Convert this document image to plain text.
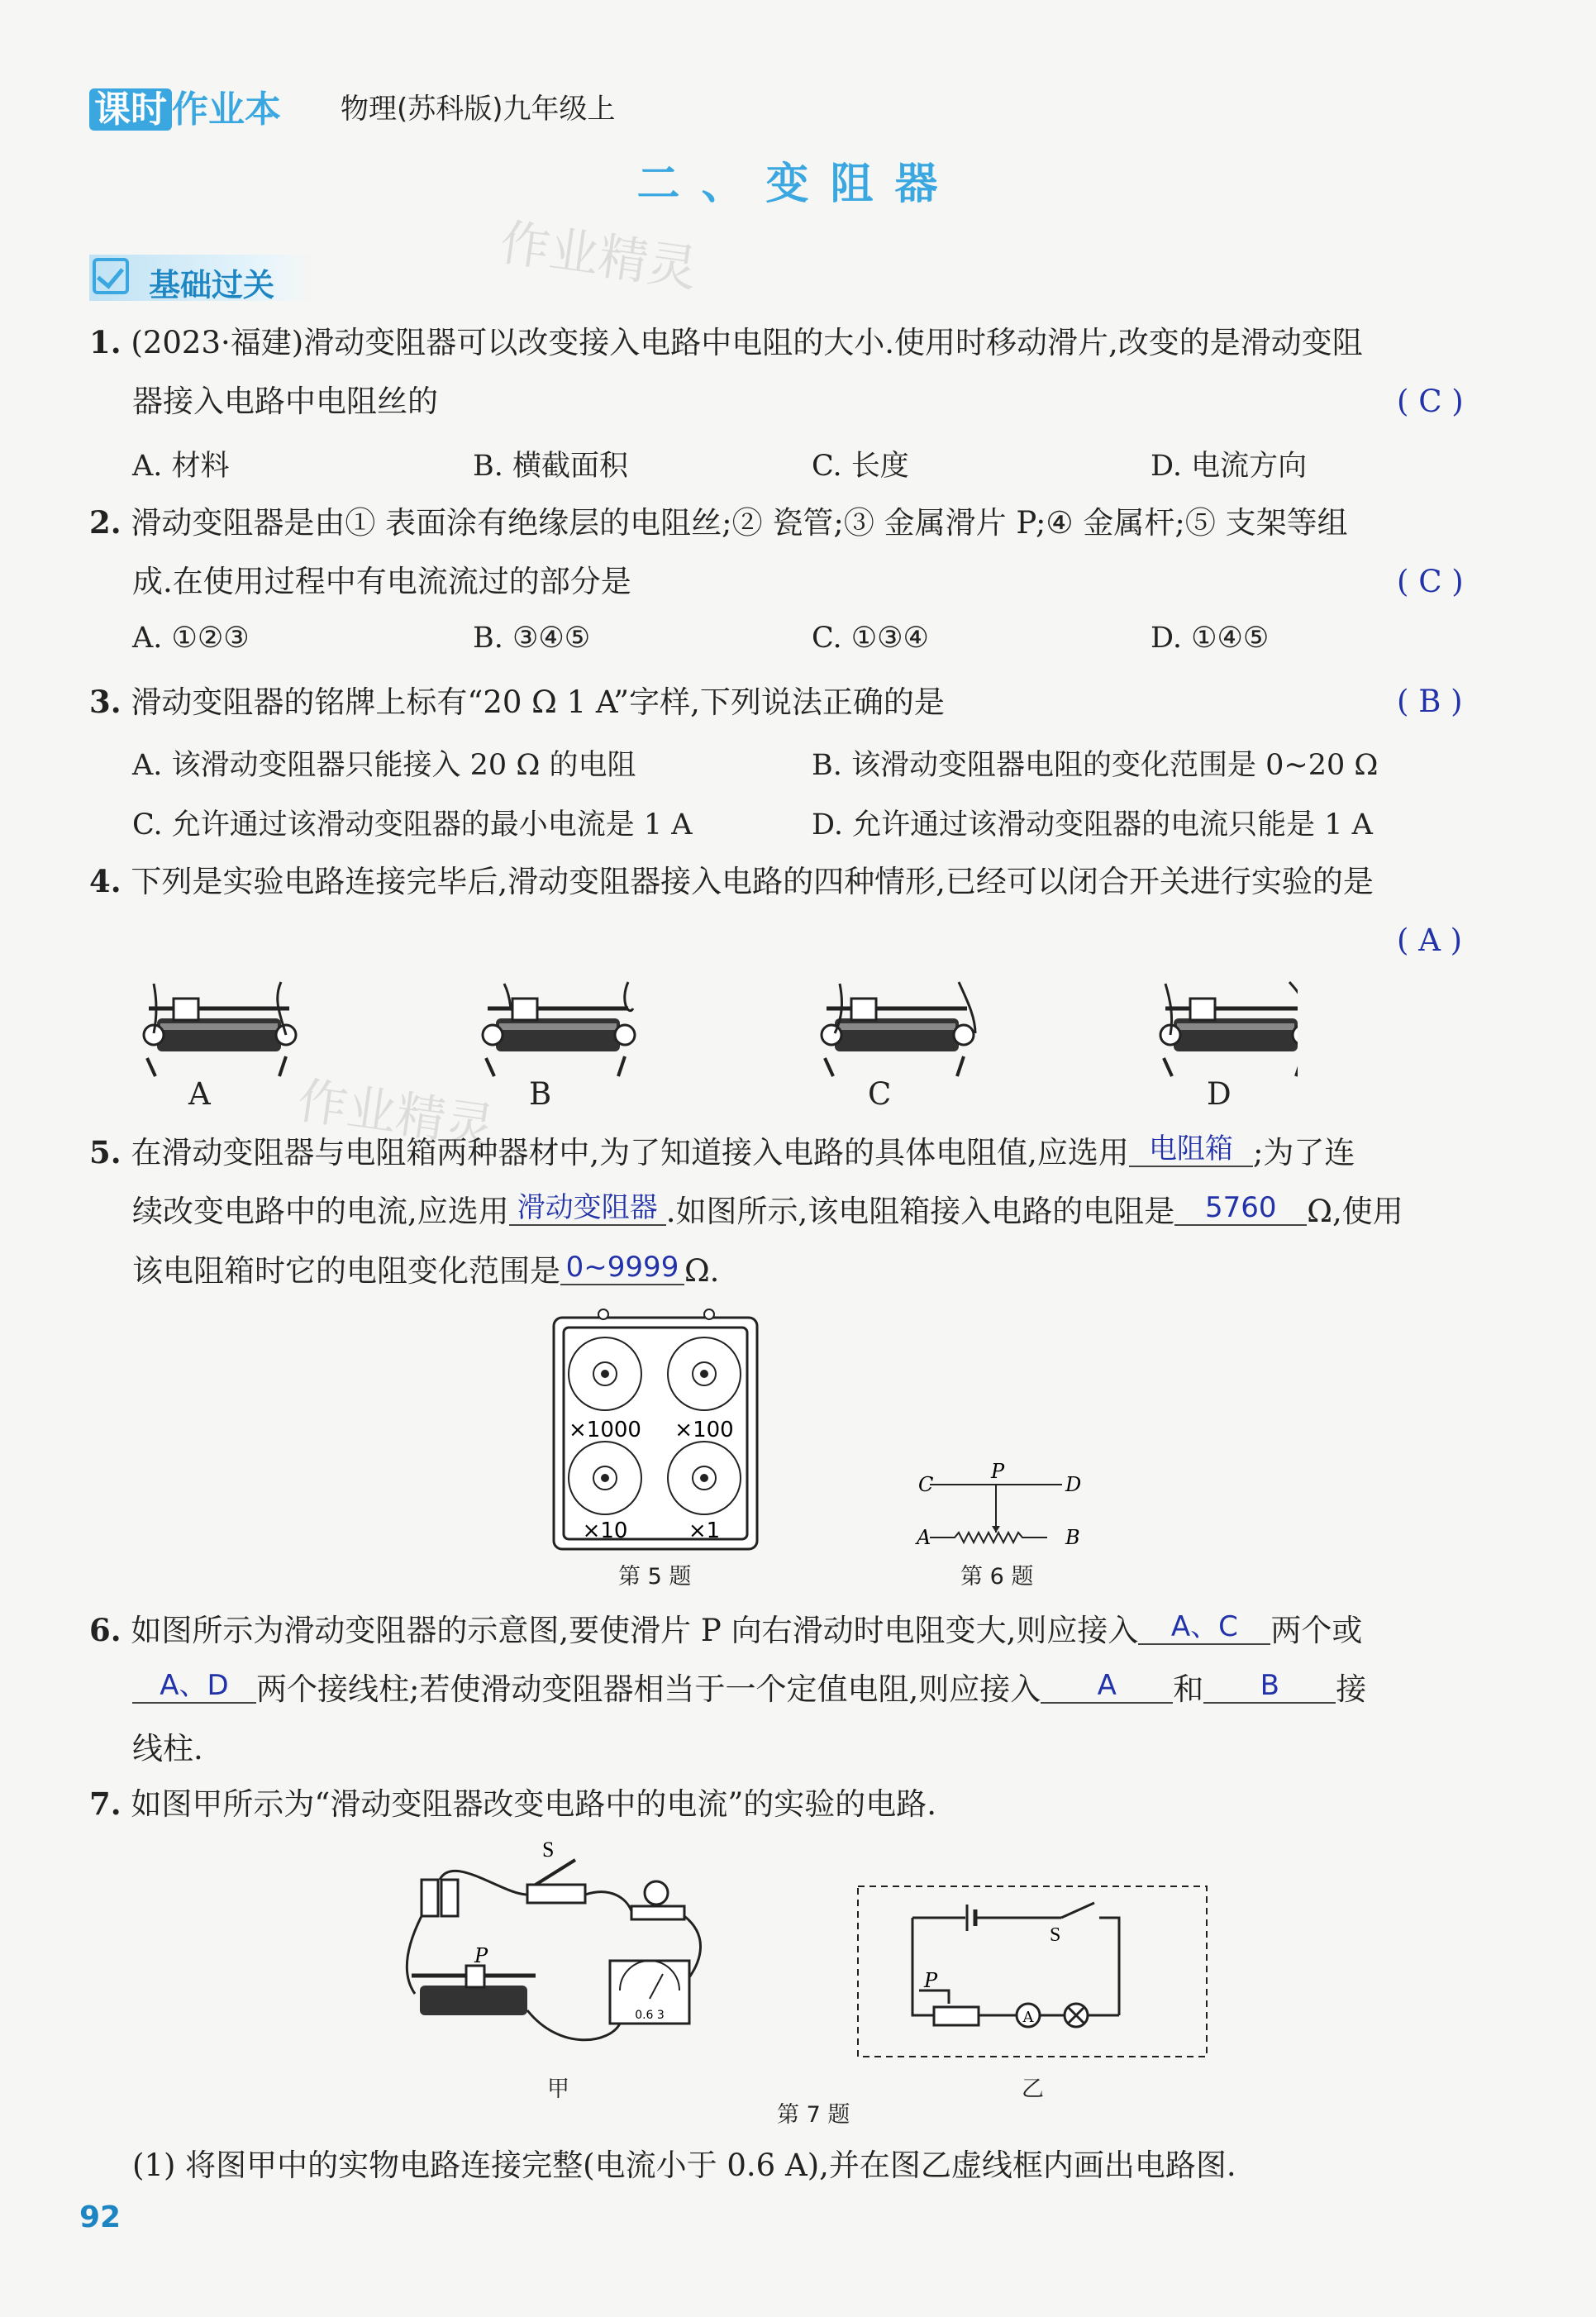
课时 作业本 物理(苏科版)九年级上
二、变阻器
基础过关	作业精灵
作业精灵
1. (2023·福建)滑动变阻器可以改变接入电路中电阻的大小.使用时移动滑片,改变的是滑动变阻
器接入电路中电阻丝的	( C )
A. 材料	B. 横截面积	C. 长度	D. 电流方向
2. 滑动变阻器是由① 表面涂有绝缘层的电阻丝;② 瓷管;③ 金属滑片 P;④ 金属杆;⑤ 支架等组
成.在使用过程中有电流流过的部分是	( C )
A. ①②③	B. ③④⑤	C. ①③④	D. ①④⑤
3. 滑动变阻器的铭牌上标有“20 Ω 1 A”字样,下列说法正确的是	( B )
A. 该滑动变阻器只能接入 20 Ω 的电阻	B. 该滑动变阻器电阻的变化范围是 0~20 Ω
C. 允许通过该滑动变阻器的最小电流是 1 A	D. 允许通过该滑动变阻器的电流只能是 1 A
4. 下列是实验电路连接完毕后,滑动变阻器接入电路的四种情形,已经可以闭合开关进行实验的是
( A )
A	B	C	D
5. 在滑动变阻器与电阻箱两种器材中,为了知道接入电路的具体电阻值,应选用 电阻箱 ;为了连
续改变电路中的电流,应选用 滑动变阻器 .如图所示,该电阻箱接入电路的电阻是 5760 Ω,使用
该电阻箱时它的电阻变化范围是 0~9999 Ω.
×1000 ×100
×10	×1
第 5 题
C
P
D
A	B
第 6 题
6. 如图所示为滑动变阻器的示意图,要使滑片 P 向右滑动时电阻变大,则应接入 A、C 两个或
A、D 两个接线柱;若使滑动变阻器相当于一个定值电阻,则应接入 A 和 B 接
线柱.
7. 如图甲所示为“滑动变阻器改变电路中的电流”的实验的电路.
S
P
0.6 3
甲
S
P
A
乙
第 7 题
(1) 将图甲中的实物电路连接完整(电流小于 0.6 A),并在图乙虚线框内画出电路图.
92
